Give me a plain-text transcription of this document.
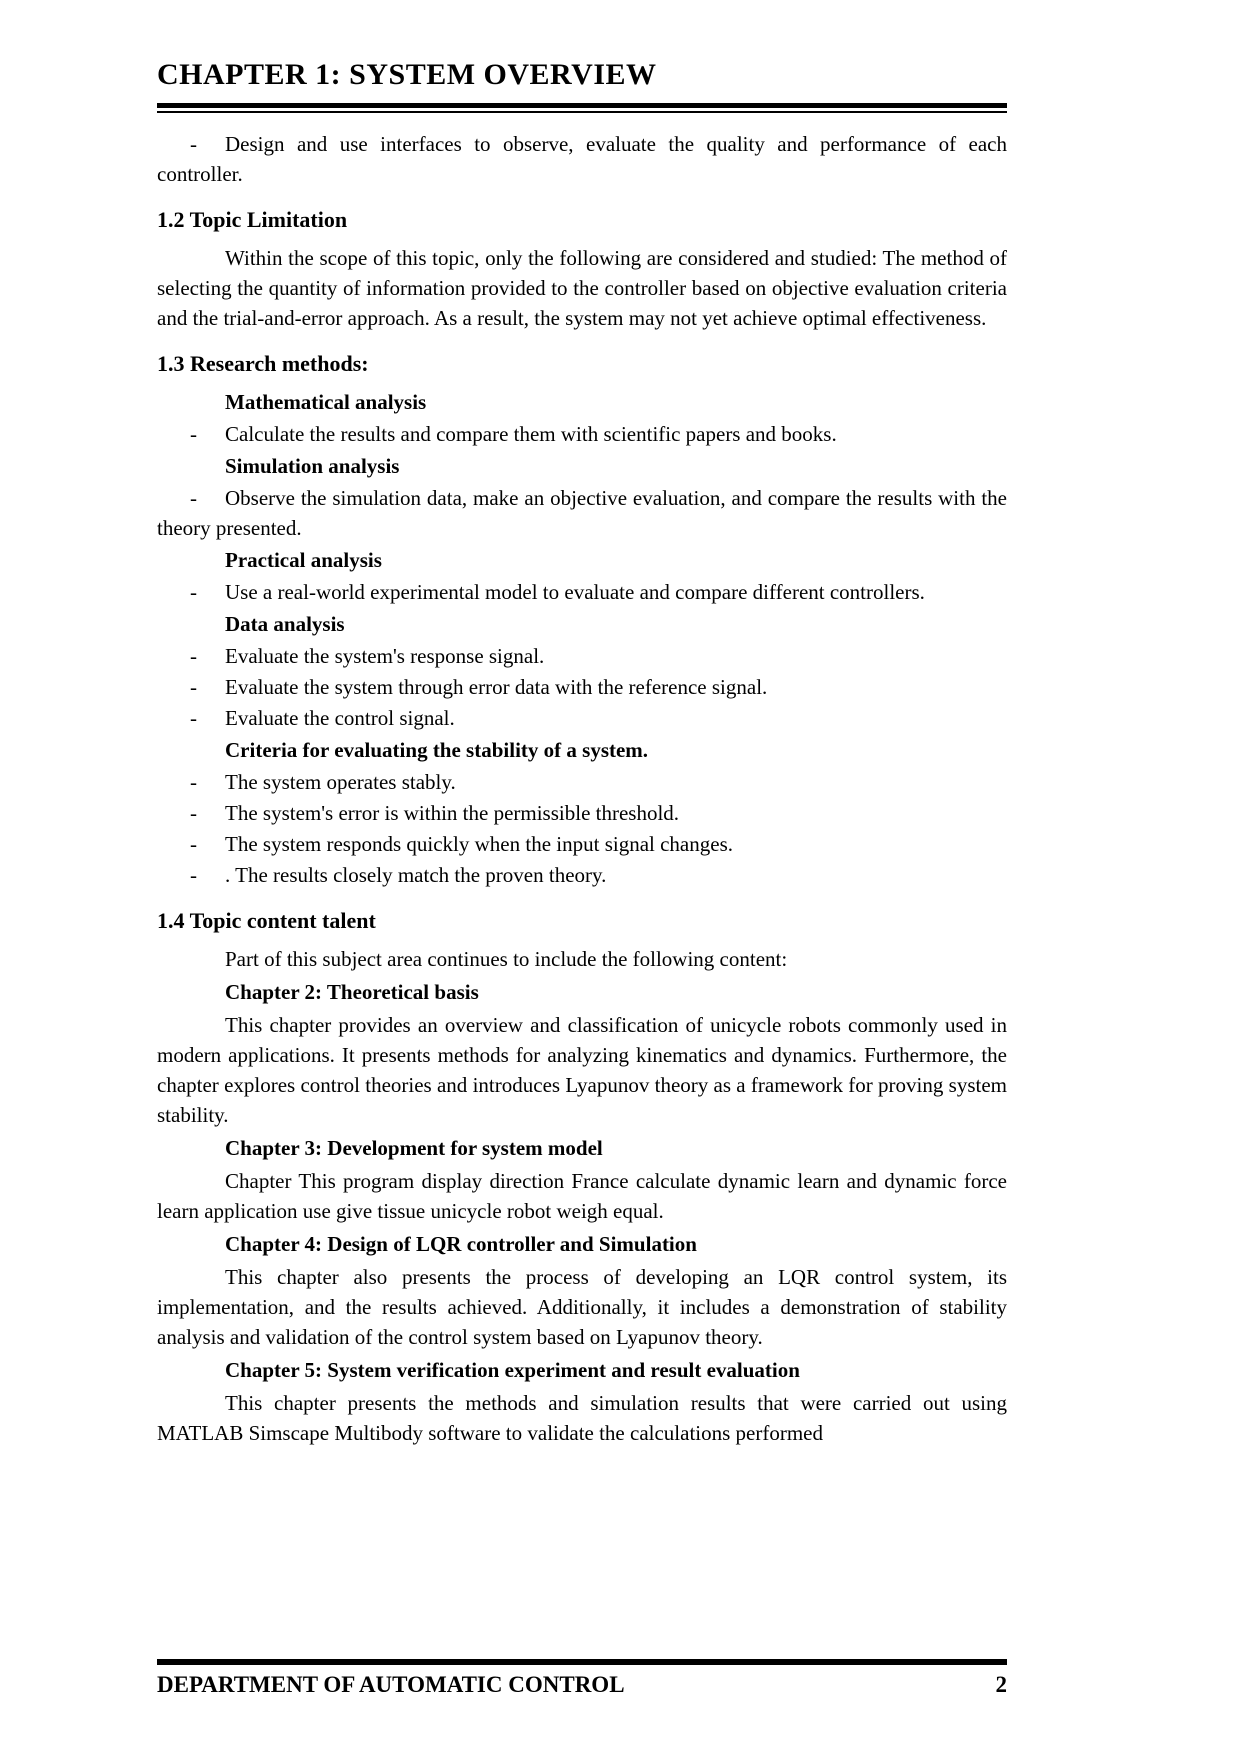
CHAPTER 1: SYSTEM OVERVIEW
- Design and use interfaces to observe, evaluate the quality and performance of each controller.
1.2 Topic Limitation
Within the scope of this topic, only the following are considered and studied: The method of selecting the quantity of information provided to the controller based on objective evaluation criteria and the trial-and-error approach. As a result, the system may not yet achieve optimal effectiveness.
1.3 Research methods:
Mathematical analysis
- Calculate the results and compare them with scientific papers and books.
Simulation analysis
- Observe the simulation data, make an objective evaluation, and compare the results with the theory presented.
Practical analysis
- Use a real-world experimental model to evaluate and compare different controllers.
Data analysis
- Evaluate the system's response signal.
- Evaluate the system through error data with the reference signal.
- Evaluate the control signal.
Criteria for evaluating the stability of a system.
- The system operates stably.
- The system's error is within the permissible threshold.
- The system responds quickly when the input signal changes.
- . The results closely match the proven theory.
1.4 Topic content talent
Part of this subject area continues to include the following content:
Chapter 2: Theoretical basis
This chapter provides an overview and classification of unicycle robots commonly used in modern applications. It presents methods for analyzing kinematics and dynamics. Furthermore, the chapter explores control theories and introduces Lyapunov theory as a framework for proving system stability.
Chapter 3: Development for system model
Chapter This program display direction France calculate dynamic learn and dynamic force learn application use give tissue unicycle robot weigh equal.
Chapter 4: Design of LQR controller and Simulation
This chapter also presents the process of developing an LQR control system, its implementation, and the results achieved. Additionally, it includes a demonstration of stability analysis and validation of the control system based on Lyapunov theory.
Chapter 5: System verification experiment and result evaluation
This chapter presents the methods and simulation results that were carried out using MATLAB Simscape Multibody software to validate the calculations performed
DEPARTMENT OF AUTOMATIC CONTROL	2
